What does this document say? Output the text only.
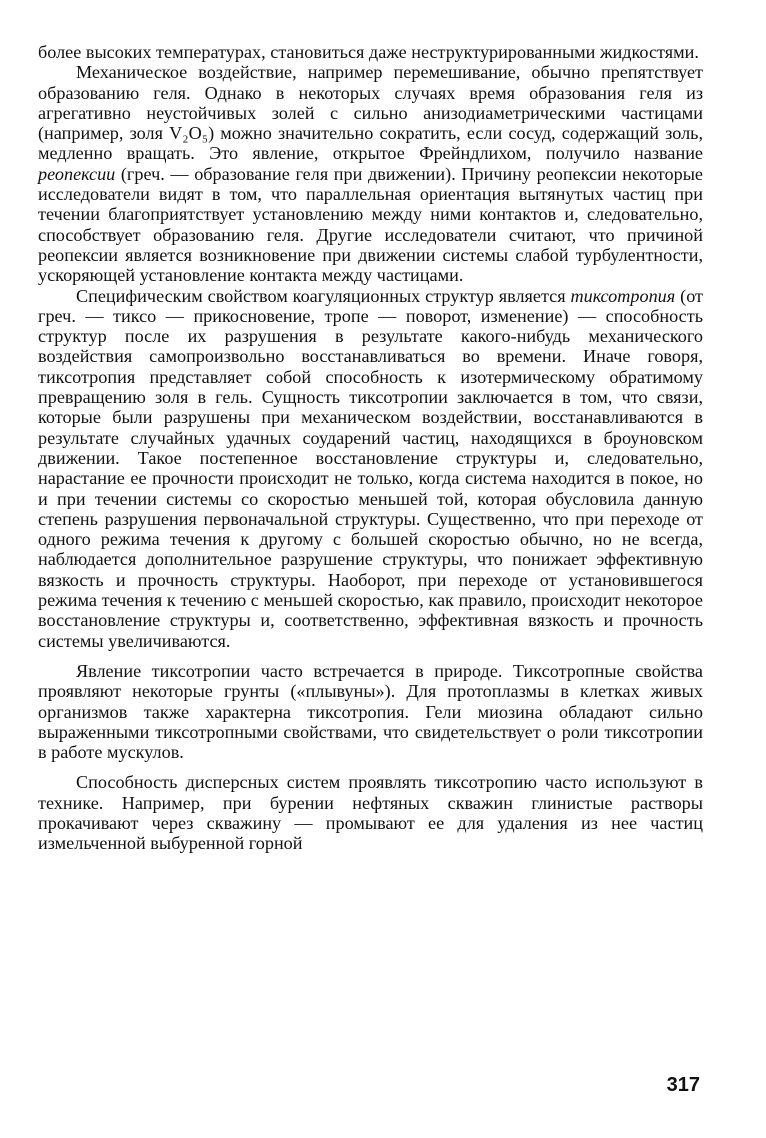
более высоких температурах, становиться даже неструктурированными жидкостями.

Механическое воздействие, например перемешивание, обычно препятствует образованию геля. Однако в некоторых случаях время образования геля из агрегативно неустойчивых золей с сильно анизодиаметрическими частицами (например, золя V₂O₅) можно значительно сократить, если сосуд, содержащий золь, медленно вращать. Это явление, открытое Фрейндлихом, получило название реопексии (греч. — образование геля при движении). Причину реопексии некоторые исследователи видят в том, что параллельная ориентация вытянутых частиц при течении благоприятствует установлению между ними контактов и, следовательно, способствует образованию геля. Другие исследователи считают, что причиной реопексии является возникновение при движении системы слабой турбулентности, ускоряющей установление контакта между частицами.

Специфическим свойством коагуляционных структур является тиксотропия (от греч. — тиксо — прикосновение, тропе — поворот, изменение) — способность структур после их разрушения в результате какого-нибудь механического воздействия самопроизвольно восстанавливаться во времени. Иначе говоря, тиксотропия представляет собой способность к изотермическому обратимому превращению золя в гель. Сущность тиксотропии заключается в том, что связи, которые были разрушены при механическом воздействии, восстанавливаются в результате случайных удачных соударений частиц, находящихся в броуновском движении. Такое постепенное восстановление структуры и, следовательно, нарастание ее прочности происходит не только, когда система находится в покое, но и при течении системы со скоростью меньшей той, которая обусловила данную степень разрушения первоначальной структуры. Существенно, что при переходе от одного режима течения к другому с большей скоростью обычно, но не всегда, наблюдается дополнительное разрушение структуры, что понижает эффективную вязкость и прочность структуры. Наоборот, при переходе от установившегося режима течения к течению с меньшей скоростью, как правило, происходит некоторое восстановление структуры и, соответственно, эффективная вязкость и прочность системы увеличиваются.

Явление тиксотропии часто встречается в природе. Тиксотропные свойства проявляют некоторые грунты («плывуны»). Для протоплазмы в клетках живых организмов также характерна тиксотропия. Гели миозина обладают сильно выраженными тиксотропными свойствами, что свидетельствует о роли тиксотропии в работе мускулов.

Способность дисперсных систем проявлять тиксотропию часто используют в технике. Например, при бурении нефтяных скважин глинистые растворы прокачивают через скважину — промывают ее для удаления из нее частиц измельченной выбуренной горной

317
